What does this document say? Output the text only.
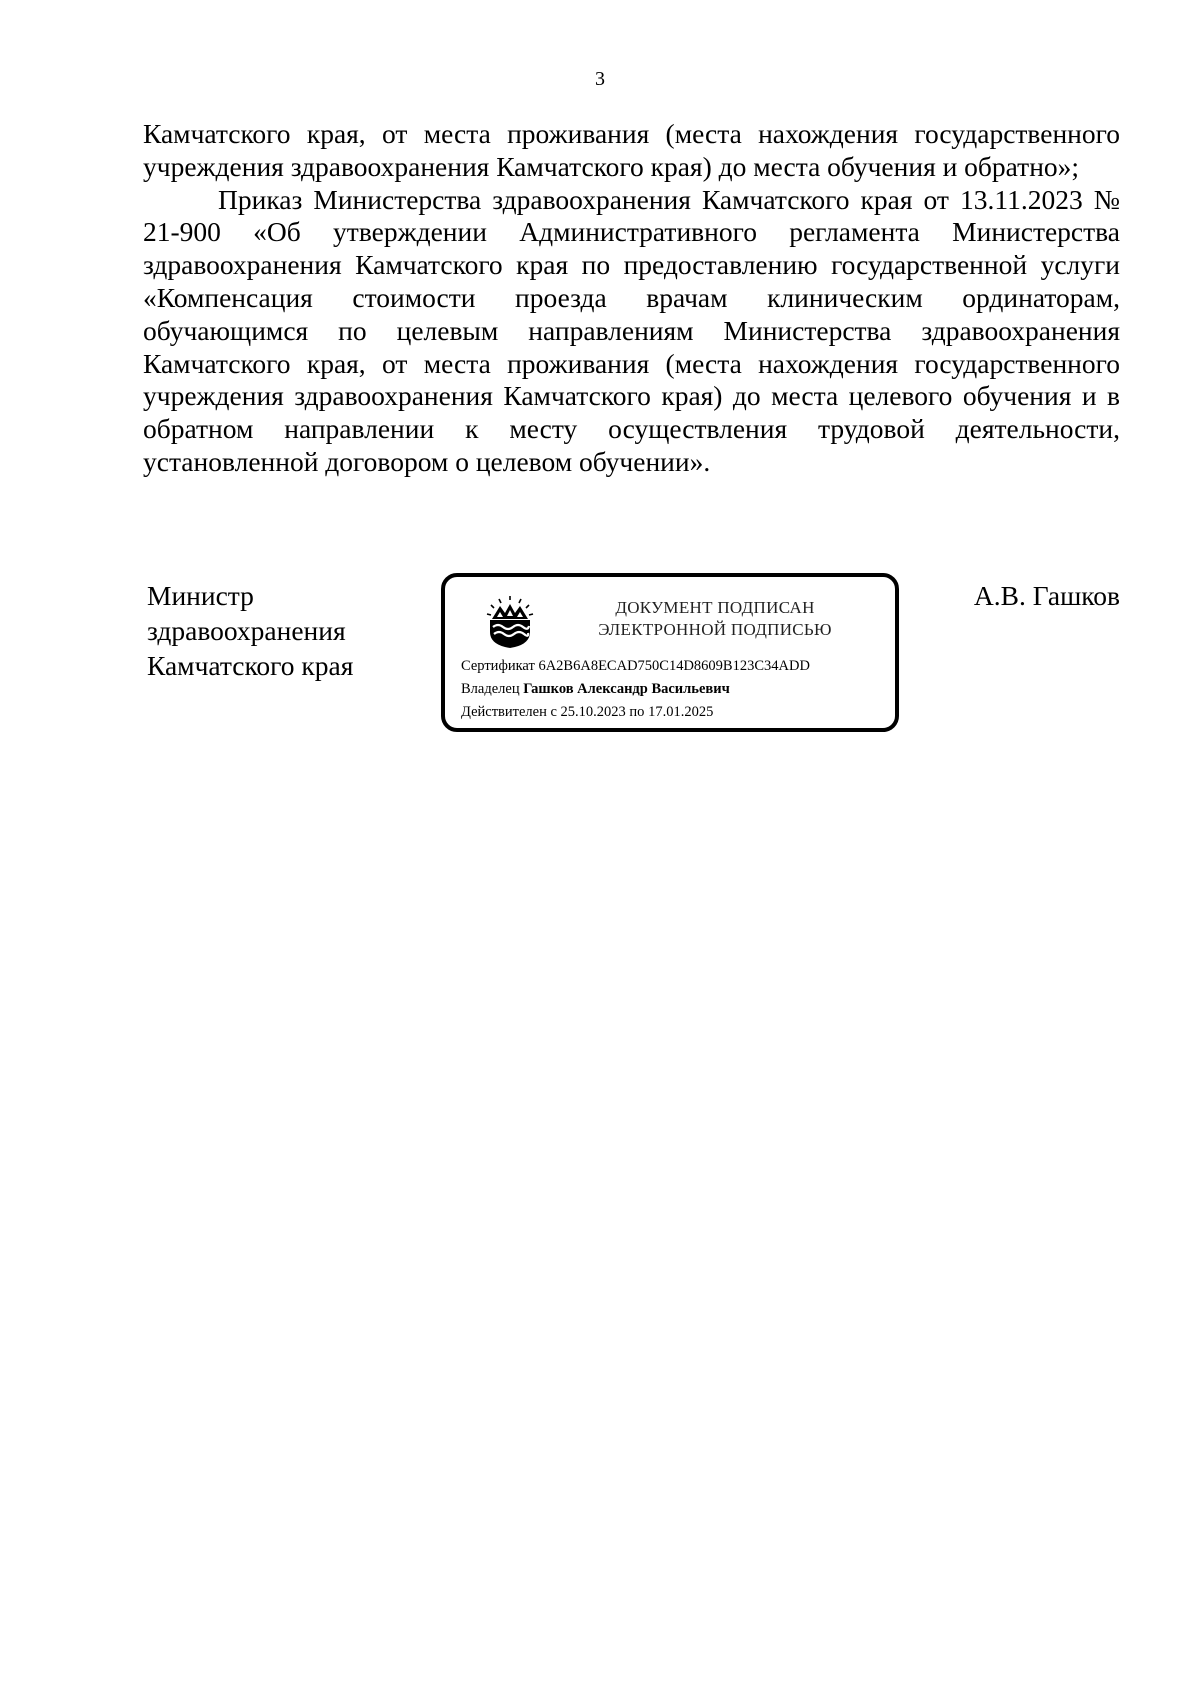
3

Камчатского края, от места проживания (места нахождения государственного учреждения здравоохранения Камчатского края) до места обучения и обратно»;

Приказ Министерства здравоохранения Камчатского края от 13.11.2023 № 21-900 «Об утверждении Административного регламента Министерства здравоохранения Камчатского края по предоставлению государственной услуги «Компенсация стоимости проезда врачам клиническим ординаторам, обучающимся по целевым направлениям Министерства здравоохранения Камчатского края, от места проживания (места нахождения государственного учреждения здравоохранения Камчатского края) до места целевого обучения и в обратном направлении к месту осуществления трудовой деятельности, установленной договором о целевом обучении».

Министр
здравоохранения
Камчатского края
ДОКУМЕНТ ПОДПИСАН
ЭЛЕКТРОННОЙ ПОДПИСЬЮ
Сертификат 6A2B6A8ECAD750C14D8609B123C34ADD
Владелец Гашков Александр Васильевич
Действителен с 25.10.2023 по 17.01.2025
А.В. Гашков
